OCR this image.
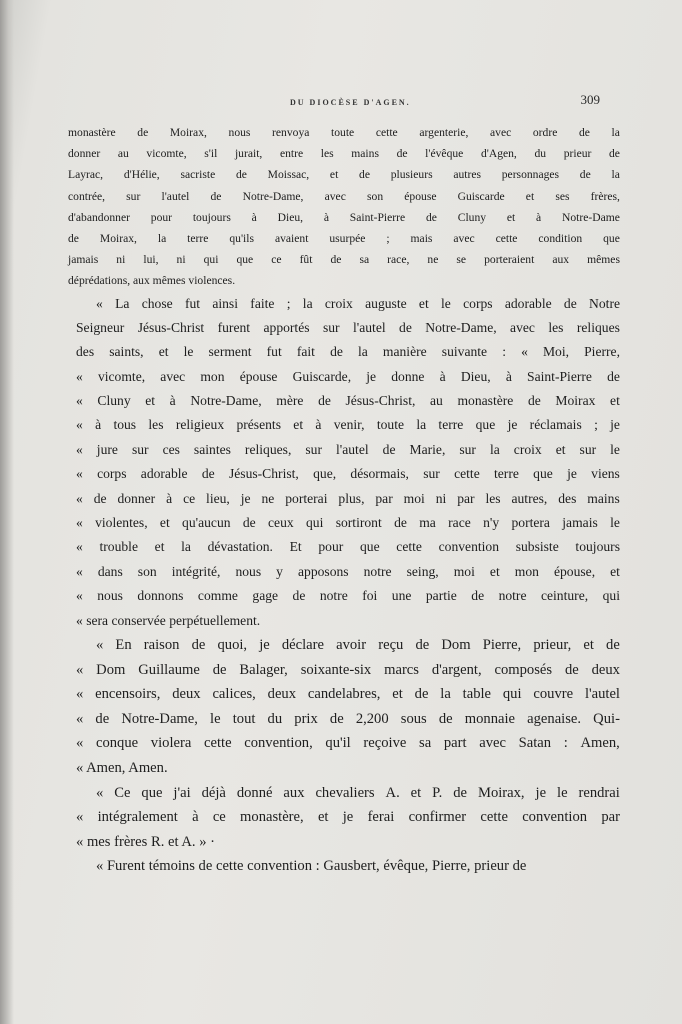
DU DIOCÈSE D'AGEN.	309
monastère de Moirax, nous renvoya toute cette argenterie, avec ordre de la
donner au vicomte, s'il jurait, entre les mains de l'évêque d'Agen, du prieur de
Layrac, d'Hélie, sacriste de Moissac, et de plusieurs autres personnages de la
contrée, sur l'autel de Notre-Dame, avec son épouse Guiscarde et ses frères,
d'abandonner pour toujours à Dieu, à Saint-Pierre de Cluny et à Notre-Dame
de Moirax, la terre qu'ils avaient usurpée ; mais avec cette condition que
jamais ni lui, ni qui que ce fût de sa race, ne se porteraient aux mêmes
déprédations, aux mêmes violences.
« La chose fut ainsi faite ; la croix auguste et le corps adorable de Notre
Seigneur Jésus-Christ furent apportés sur l'autel de Notre-Dame, avec les reliques
des saints, et le serment fut fait de la manière suivante : « Moi, Pierre,
« vicomte, avec mon épouse Guiscarde, je donne à Dieu, à Saint-Pierre de
« Cluny et à Notre-Dame, mère de Jésus-Christ, au monastère de Moirax et
« à tous les religieux présents et à venir, toute la terre que je réclamais ; je
« jure sur ces saintes reliques, sur l'autel de Marie, sur la croix et sur le
« corps adorable de Jésus-Christ, que, désormais, sur cette terre que je viens
« de donner à ce lieu, je ne porterai plus, par moi ni par les autres, des mains
« violentes, et qu'aucun de ceux qui sortiront de ma race n'y portera jamais le
« trouble et la dévastation. Et pour que cette convention subsiste toujours
« dans son intégrité, nous y apposons notre seing, moi et mon épouse, et
« nous donnons comme gage de notre foi une partie de notre ceinture, qui
« sera conservée perpétuellement.
« En raison de quoi, je déclare avoir reçu de Dom Pierre, prieur, et de
« Dom Guillaume de Balager, soixante-six marcs d'argent, composés de deux
« encensoirs, deux calices, deux candelabres, et de la table qui couvre l'autel
« de Notre-Dame, le tout du prix de 2,200 sous de monnaie agenaise. Qui-
« conque violera cette convention, qu'il reçoive sa part avec Satan : Amen,
« Amen, Amen.
« Ce que j'ai déjà donné aux chevaliers A. et P. de Moirax, je le rendrai
« intégralement à ce monastère, et je ferai confirmer cette convention par
« mes frères R. et A. » ·
« Furent témoins de cette convention : Gausbert, évêque, Pierre, prieur de
